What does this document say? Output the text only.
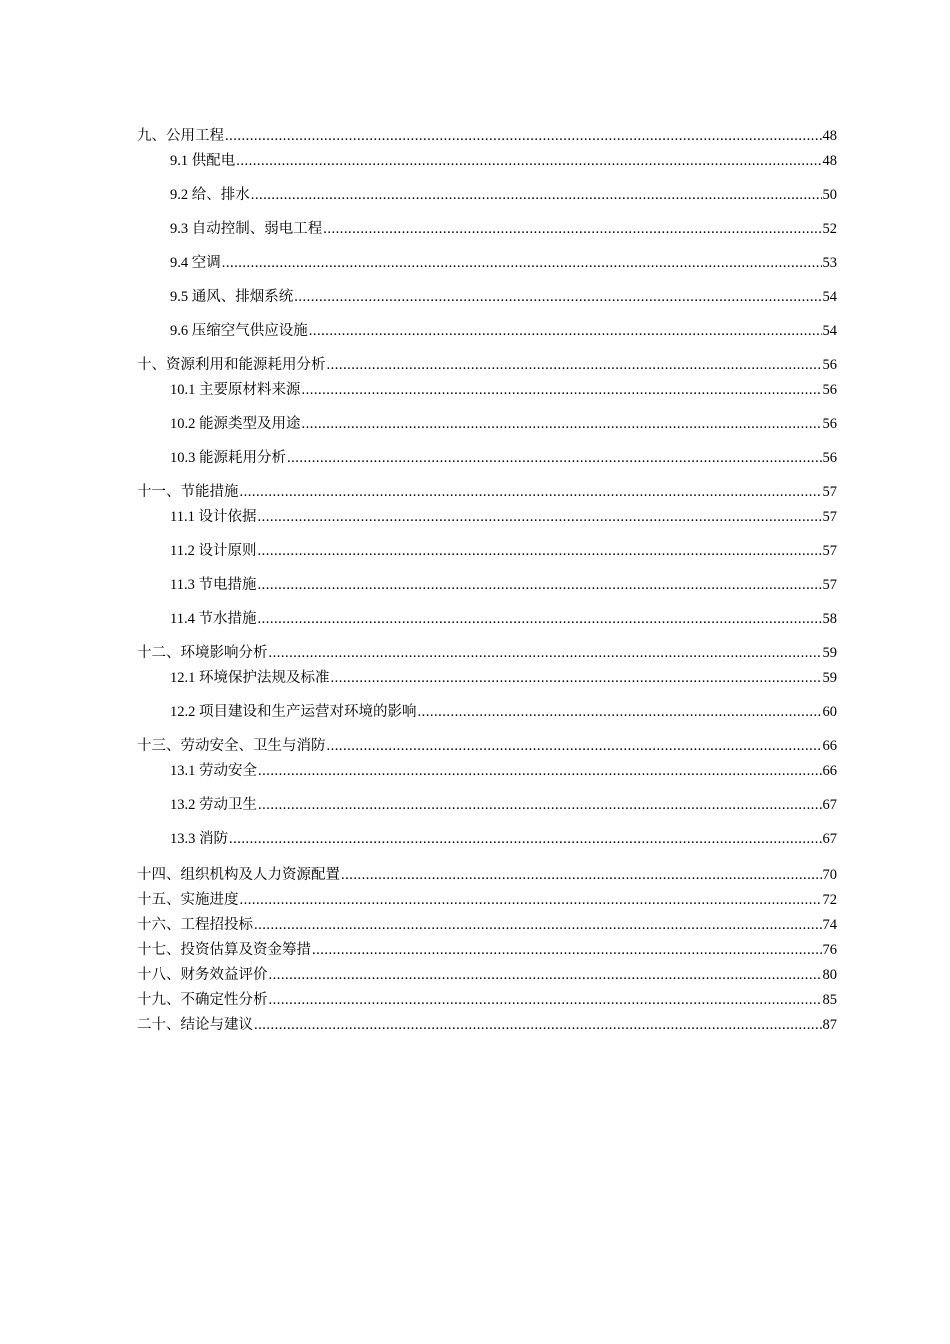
九、公用工程 .....	48
9.1 供配电 .....	48
9.2 给、排水 .....	50
9.3 自动控制、弱电工程 .....	52
9.4 空调 .....	53
9.5 通风、排烟系统 .....	54
9.6 压缩空气供应设施 .....	54
十、资源利用和能源耗用分析 .....	56
10.1 主要原材料来源 .....	56
10.2 能源类型及用途 .....	56
10.3 能源耗用分析 .....	56
十一、节能措施 .....	57
11.1 设计依据 .....	57
11.2 设计原则 .....	57
11.3 节电措施 .....	57
11.4 节水措施 .....	58
十二、环境影响分析 .....	59
12.1 环境保护法规及标准 .....	59
12.2 项目建设和生产运营对环境的影响 .....	60
十三、劳动安全、卫生与消防 .....	66
13.1 劳动安全 .....	66
13.2 劳动卫生 .....	67
13.3 消防 .....	67
十四、组织机构及人力资源配置 .....	70
十五、实施进度 .....	72
十六、工程招投标 .....	74
十七、投资估算及资金筹措 .....	76
十八、财务效益评价 .....	80
十九、不确定性分析 .....	85
二十、结论与建议 .....	87
